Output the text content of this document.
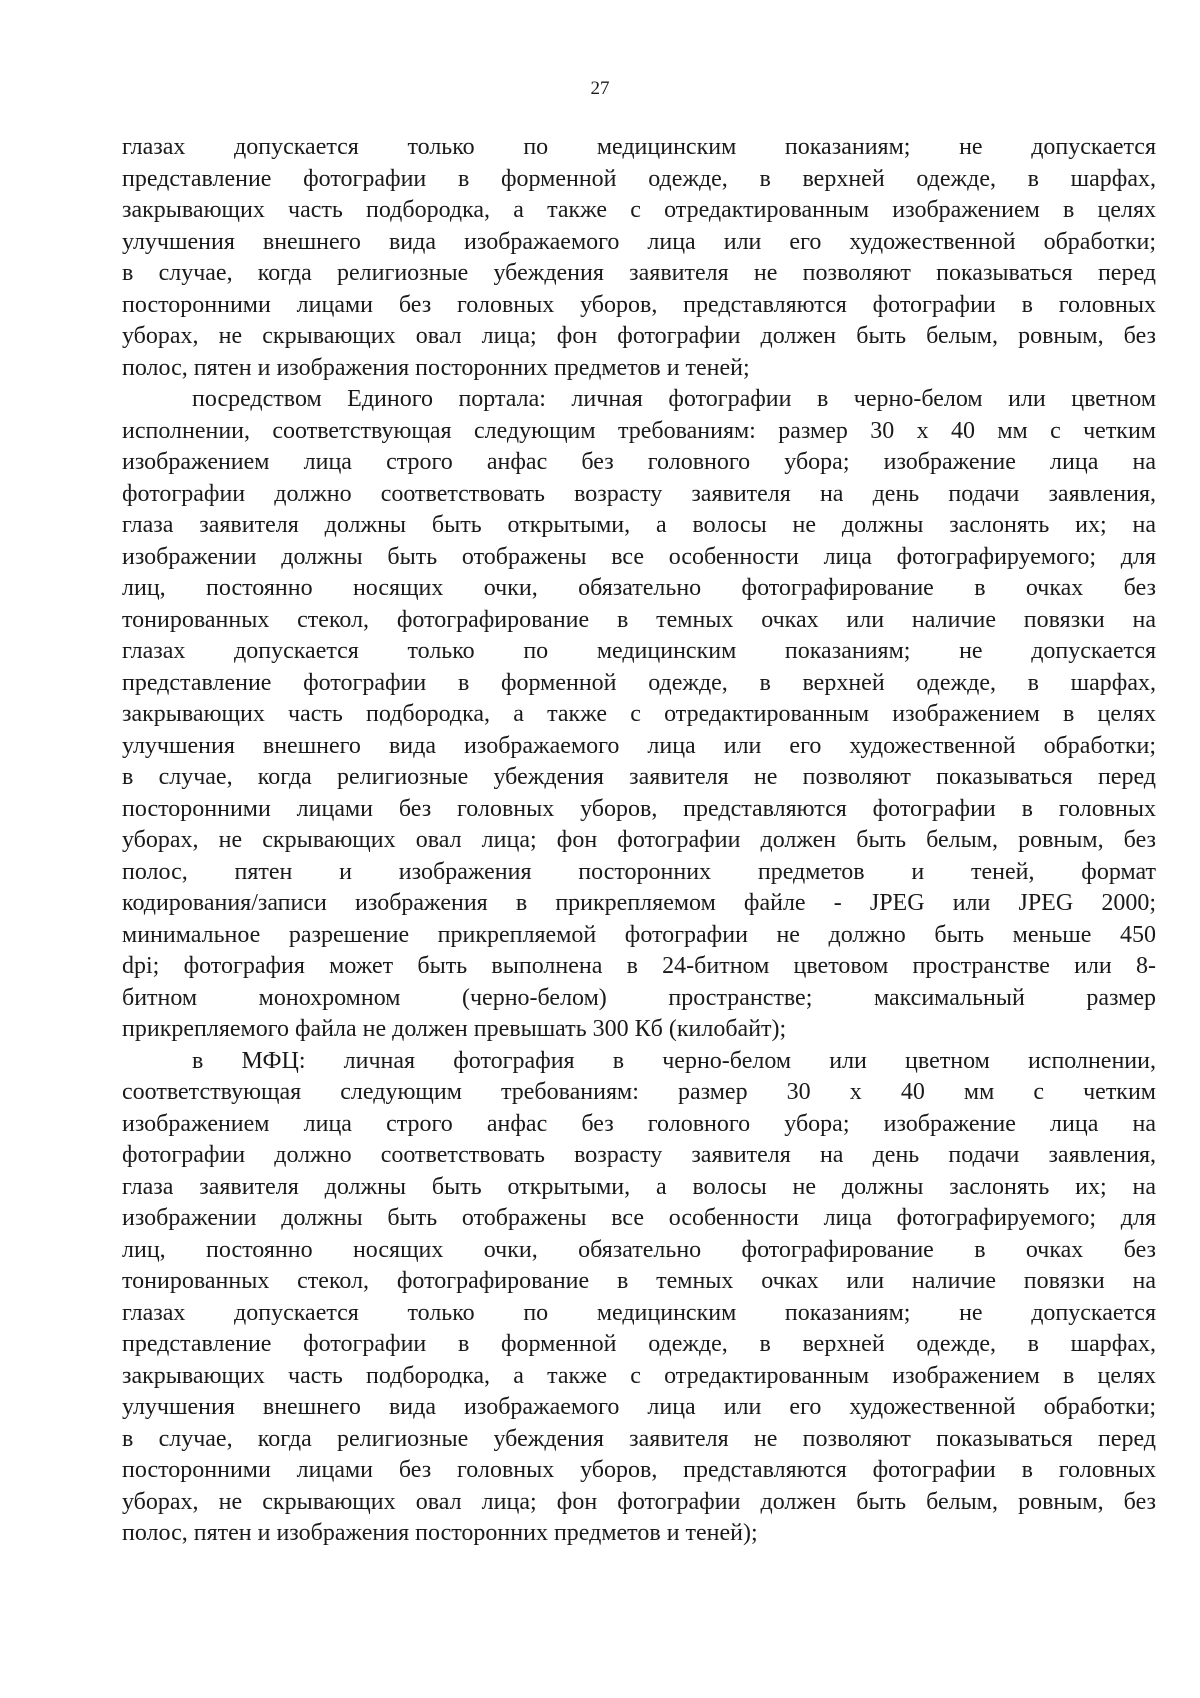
27
глазах допускается только по медицинским показаниям; не допускается
представление фотографии в форменной одежде, в верхней одежде, в шарфах,
закрывающих часть подбородка, а также с отредактированным изображением в целях
улучшения внешнего вида изображаемого лица или его художественной обработки;
в случае, когда религиозные убеждения заявителя не позволяют показываться перед
посторонними лицами без головных уборов, представляются фотографии в головных
уборах, не скрывающих овал лица; фон фотографии должен быть белым, ровным, без
полос, пятен и изображения посторонних предметов и теней;
посредством Единого портала: личная фотографии в черно-белом или цветном
исполнении, соответствующая следующим требованиям: размер 30 х 40 мм с четким
изображением лица строго анфас без головного убора; изображение лица на
фотографии должно соответствовать возрасту заявителя на день подачи заявления,
глаза заявителя должны быть открытыми, а волосы не должны заслонять их; на
изображении должны быть отображены все особенности лица фотографируемого; для
лиц, постоянно носящих очки, обязательно фотографирование в очках без
тонированных стекол, фотографирование в темных очках или наличие повязки на
глазах допускается только по медицинским показаниям; не допускается
представление фотографии в форменной одежде, в верхней одежде, в шарфах,
закрывающих часть подбородка, а также с отредактированным изображением в целях
улучшения внешнего вида изображаемого лица или его художественной обработки;
в случае, когда религиозные убеждения заявителя не позволяют показываться перед
посторонними лицами без головных уборов, представляются фотографии в головных
уборах, не скрывающих овал лица; фон фотографии должен быть белым, ровным, без
полос, пятен и изображения посторонних предметов и теней, формат
кодирования/записи изображения в прикрепляемом файле - JPEG или JPEG 2000;
минимальное разрешение прикрепляемой фотографии не должно быть меньше 450
dpi; фотография может быть выполнена в 24-битном цветовом пространстве или 8-
битном монохромном (черно-белом) пространстве; максимальный размер
прикрепляемого файла не должен превышать 300 Кб (килобайт);
в МФЦ: личная фотография в черно-белом или цветном исполнении,
соответствующая следующим требованиям: размер 30 х 40 мм с четким
изображением лица строго анфас без головного убора; изображение лица на
фотографии должно соответствовать возрасту заявителя на день подачи заявления,
глаза заявителя должны быть открытыми, а волосы не должны заслонять их; на
изображении должны быть отображены все особенности лица фотографируемого; для
лиц, постоянно носящих очки, обязательно фотографирование в очках без
тонированных стекол, фотографирование в темных очках или наличие повязки на
глазах допускается только по медицинским показаниям; не допускается
представление фотографии в форменной одежде, в верхней одежде, в шарфах,
закрывающих часть подбородка, а также с отредактированным изображением в целях
улучшения внешнего вида изображаемого лица или его художественной обработки;
в случае, когда религиозные убеждения заявителя не позволяют показываться перед
посторонними лицами без головных уборов, представляются фотографии в головных
уборах, не скрывающих овал лица; фон фотографии должен быть белым, ровным, без
полос, пятен и изображения посторонних предметов и теней);
